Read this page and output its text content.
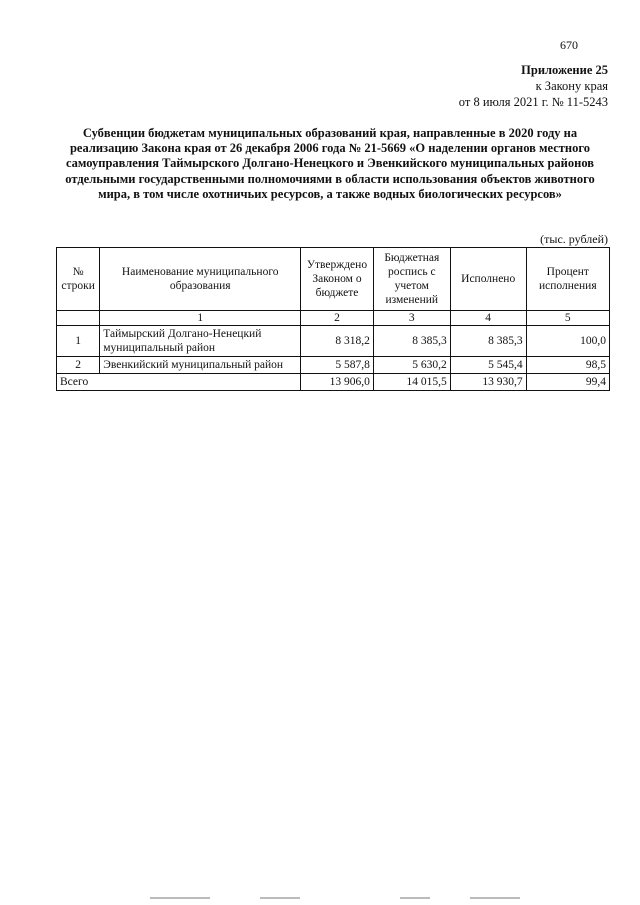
670
Приложение 25
к Закону края
от 8 июля 2021 г. № 11-5243
Субвенции бюджетам муниципальных образований края, направленные в 2020 году на реализацию Закона края от 26 декабря 2006 года № 21-5669 «О наделении органов местного самоуправления Таймырского Долгано-Ненецкого и Эвенкийского муниципальных районов отдельными государственными полномочиями в области использования объектов животного мира, в том числе охотничьих ресурсов, а также водных биологических ресурсов»
(тыс. рублей)
№ строки	Наименование муниципального образования	Утверждено Законом о бюджете	Бюджетная роспись с учетом изменений	Исполнено	Процент исполнения
	1	2	3	4	5
1	Таймырский Долгано-Ненецкий муниципальный район	8 318,2	8 385,3	8 385,3	100,0
2	Эвенкийский муниципальный район	5 587,8	5 630,2	5 545,4	98,5
Всего		13 906,0	14 015,5	13 930,7	99,4
